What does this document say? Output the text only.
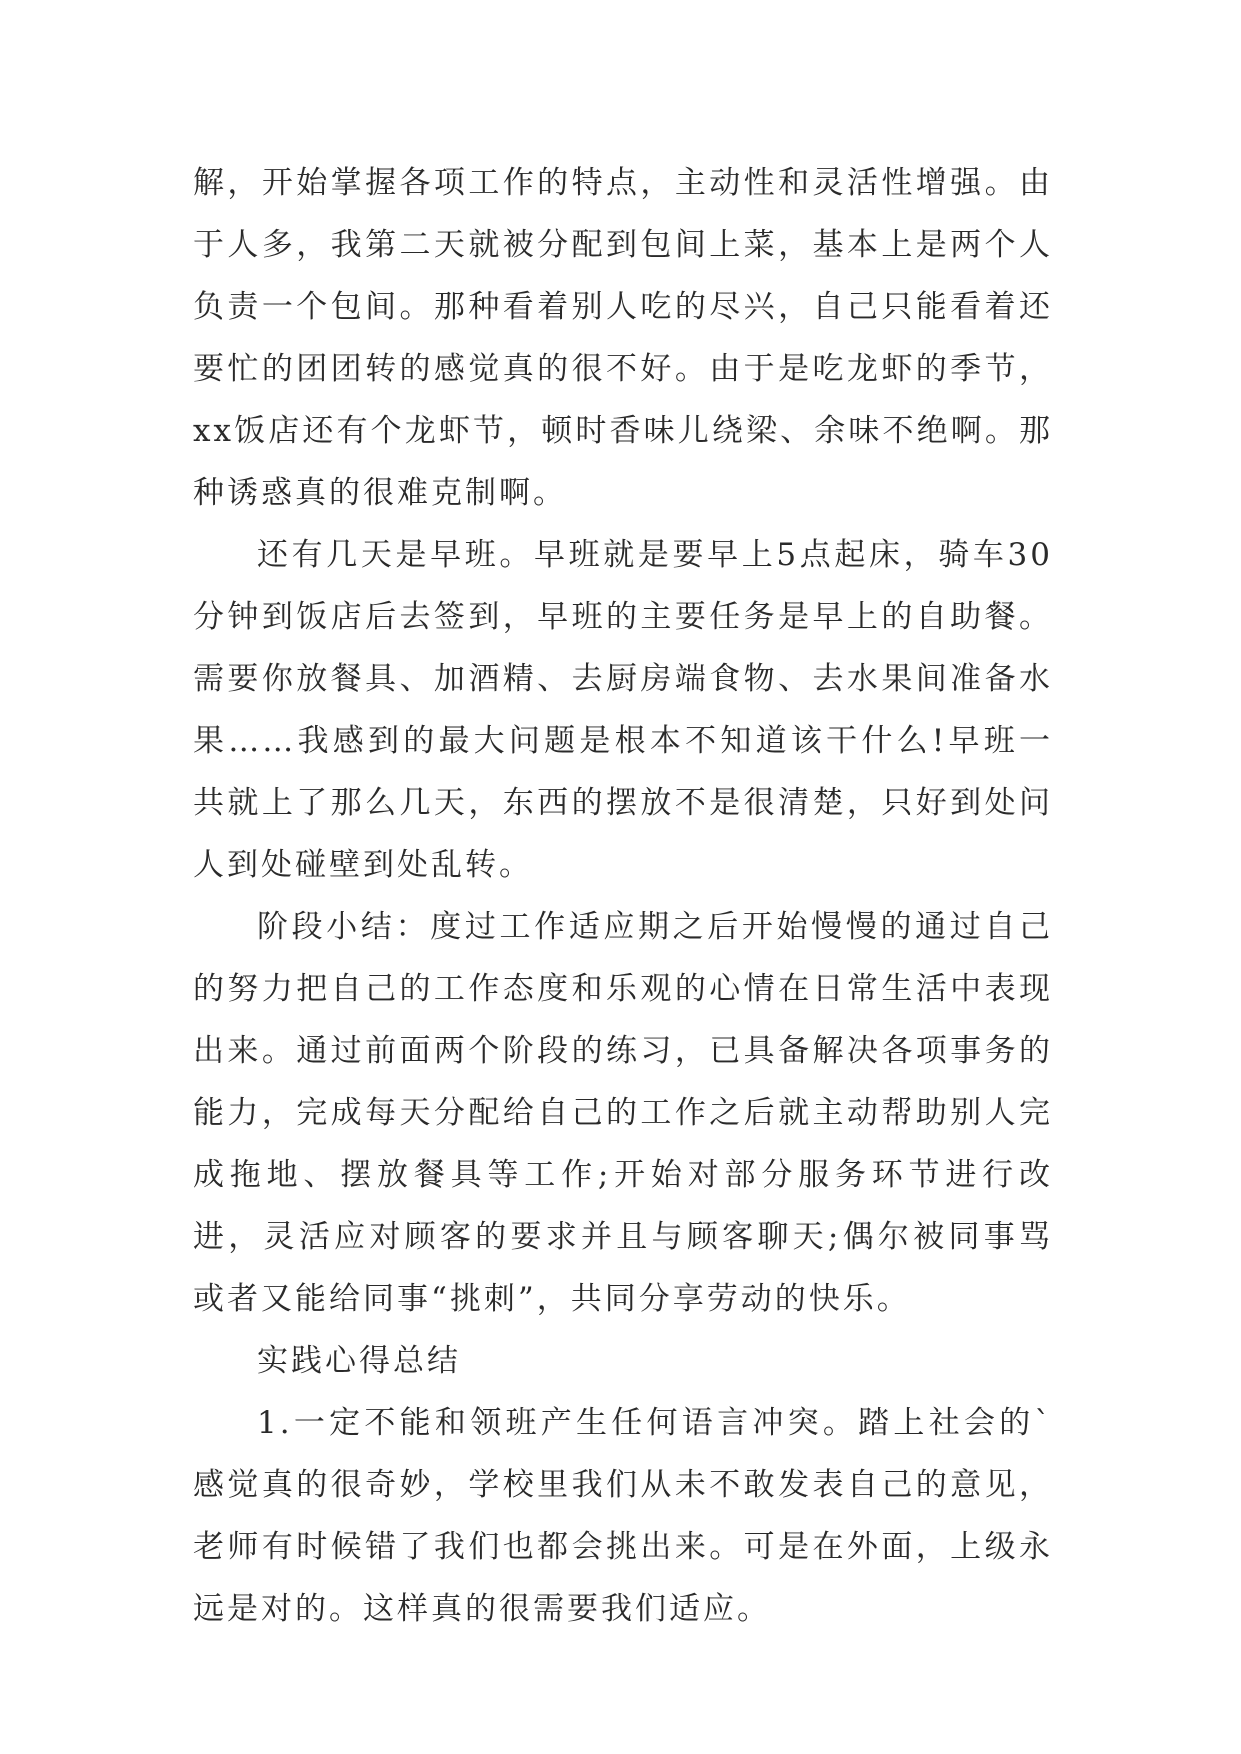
解，开始掌握各项工作的特点，主动性和灵活性增强。由于人多，我第二天就被分配到包间上菜，基本上是两个人负责一个包间。那种看着别人吃的尽兴，自己只能看着还要忙的团团转的感觉真的很不好。由于是吃龙虾的季节，xx饭店还有个龙虾节，顿时香味儿绕梁、余味不绝啊。那种诱惑真的很难克制啊。

还有几天是早班。早班就是要早上5点起床，骑车30分钟到饭店后去签到，早班的主要任务是早上的自助餐。需要你放餐具、加酒精、去厨房端食物、去水果间准备水果……我感到的最大问题是根本不知道该干什么!早班一共就上了那么几天，东西的摆放不是很清楚，只好到处问人到处碰壁到处乱转。

阶段小结：度过工作适应期之后开始慢慢的通过自己的努力把自己的工作态度和乐观的心情在日常生活中表现出来。通过前面两个阶段的练习，已具备解决各项事务的能力，完成每天分配给自己的工作之后就主动帮助别人完成拖地、摆放餐具等工作;开始对部分服务环节进行改进，灵活应对顾客的要求并且与顾客聊天;偶尔被同事骂或者又能给同事“挑刺”，共同分享劳动的快乐。

实践心得总结

1.一定不能和领班产生任何语言冲突。踏上社会的`感觉真的很奇妙，学校里我们从未不敢发表自己的意见，老师有时候错了我们也都会挑出来。可是在外面，上级永远是对的。这样真的很需要我们适应。
